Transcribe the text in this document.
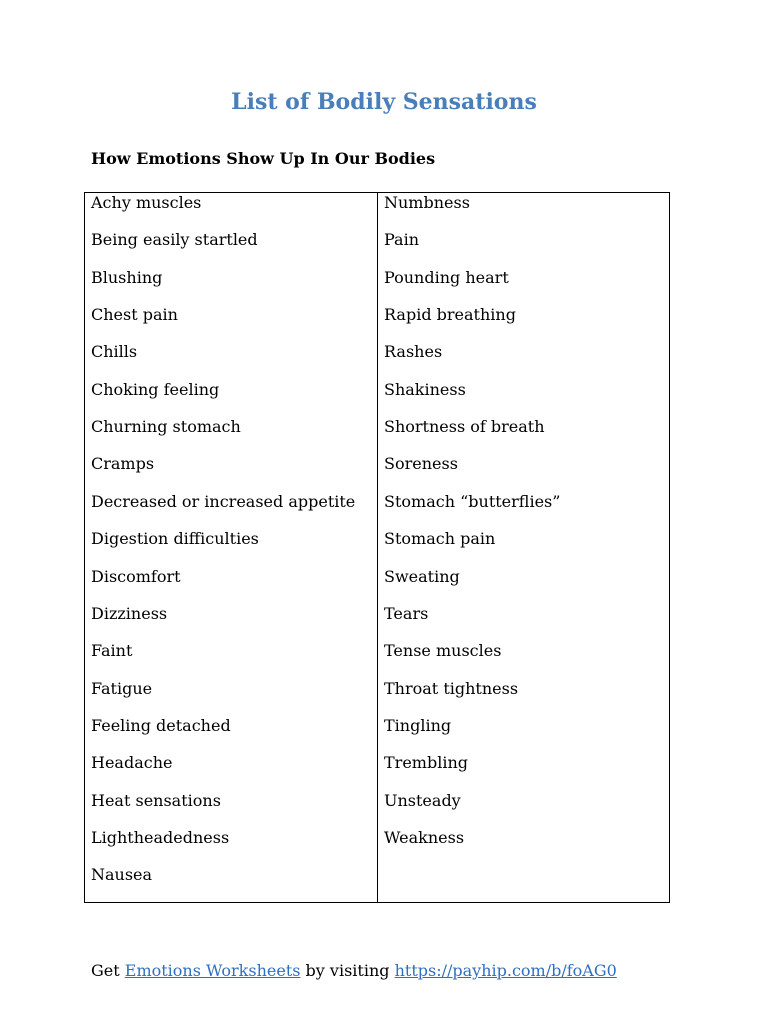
List of Bodily Sensations
How Emotions Show Up In Our Bodies
Achy muscles
Being easily startled
Blushing
Chest pain
Chills
Choking feeling
Churning stomach
Cramps
Decreased or increased appetite
Digestion difficulties
Discomfort
Dizziness
Faint
Fatigue
Feeling detached
Headache
Heat sensations
Lightheadedness
Nausea
Numbness
Pain
Pounding heart
Rapid breathing
Rashes
Shakiness
Shortness of breath
Soreness
Stomach “butterflies”
Stomach pain
Sweating
Tears
Tense muscles
Throat tightness
Tingling
Trembling
Unsteady
Weakness
Get Emotions Worksheets by visiting https://payhip.com/b/foAG0
